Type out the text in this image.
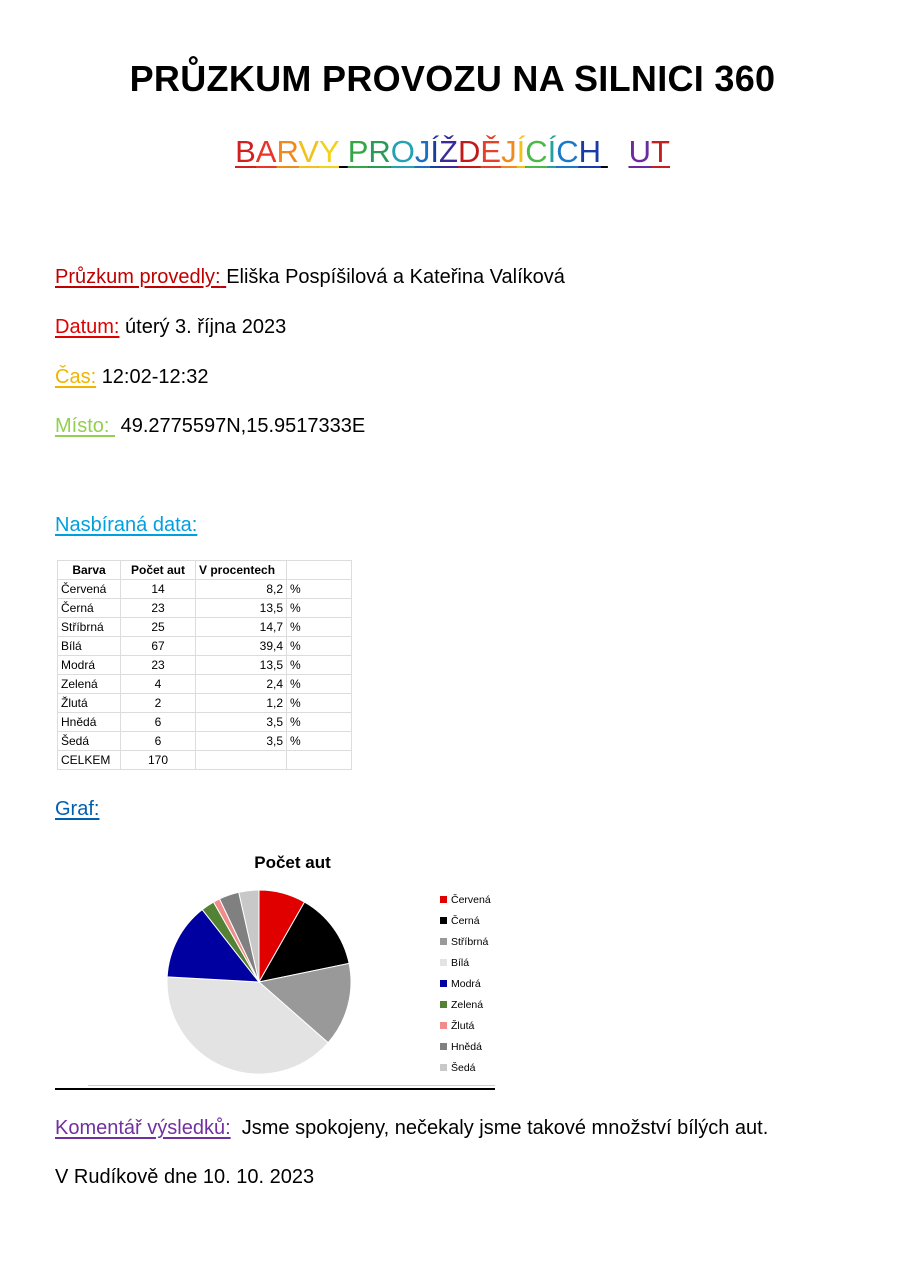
PRŮZKUM PROVOZU NA SILNICI 360
BARVY PROJÍŽDĚJÍCÍCH AUT
Průzkum provedly: Eliška Pospíšilová a Kateřina Valíková
Datum: úterý 3. října 2023
Čas: 12:02-12:32
Místo: 49.2775597N,15.9517333E
Nasbíraná data:
Barva	Počet aut	V procentech	
Červená	14	8,2	%
Černá	23	13,5	%
Stříbrná	25	14,7	%
Bílá	67	39,4	%
Modrá	23	13,5	%
Zelená	4	2,4	%
Žlutá	2	1,2	%
Hnědá	6	3,5	%
Šedá	6	3,5	%
CELKEM	170		
Graf:
Počet aut
Červená
Černá
Stříbrná
Bílá
Modrá
Zelená
Žlutá
Hnědá
Šedá
Komentář výsledků: Jsme spokojeny, nečekaly jsme takové množství bílých aut.
V Rudíkově dne 10. 10. 2023
